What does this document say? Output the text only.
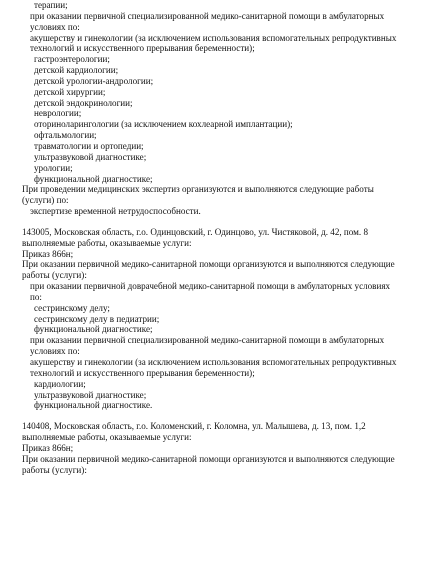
терапии;
при оказании первичной специализированной медико-санитарной помощи в амбулаторных условиях по:
акушерству и гинекологии (за исключением использования вспомогательных репродуктивных технологий и искусственного прерывания беременности);
гастроэнтерологии;
детской кардиологии;
детской урологии-андрологии;
детской хирургии;
детской эндокринологии;
неврологии;
оториноларингологии (за исключением кохлеарной имплантации);
офтальмологии;
травматологии и ортопедии;
ультразвуковой диагностике;
урологии;
функциональной диагностике;
При проведении медицинских экспертиз организуются и выполняются следующие работы (услуги) по:
экспертизе временной нетрудоспособности.
143005, Московская область, г.о. Одинцовский, г. Одинцово, ул. Чистяковой, д. 42, пом. 8 выполняемые работы, оказываемые услуги:
Приказ 866н;
При оказании первичной медико-санитарной помощи организуются и выполняются следующие работы (услуги):
при оказании первичной доврачебной медико-санитарной помощи в амбулаторных условиях по:
сестринскому делу;
сестринскому делу в педиатрии;
функциональной диагностике;
при оказании первичной специализированной медико-санитарной помощи в амбулаторных условиях по:
акушерству и гинекологии (за исключением использования вспомогательных репродуктивных технологий и искусственного прерывания беременности);
кардиологии;
ультразвуковой диагностике;
функциональной диагностике.
140408, Московская область, г.о. Коломенский, г. Коломна, ул. Малышева, д. 13, пом. 1,2 выполняемые работы, оказываемые услуги:
Приказ 866н;
При оказании первичной медико-санитарной помощи организуются и выполняются следующие работы (услуги):
